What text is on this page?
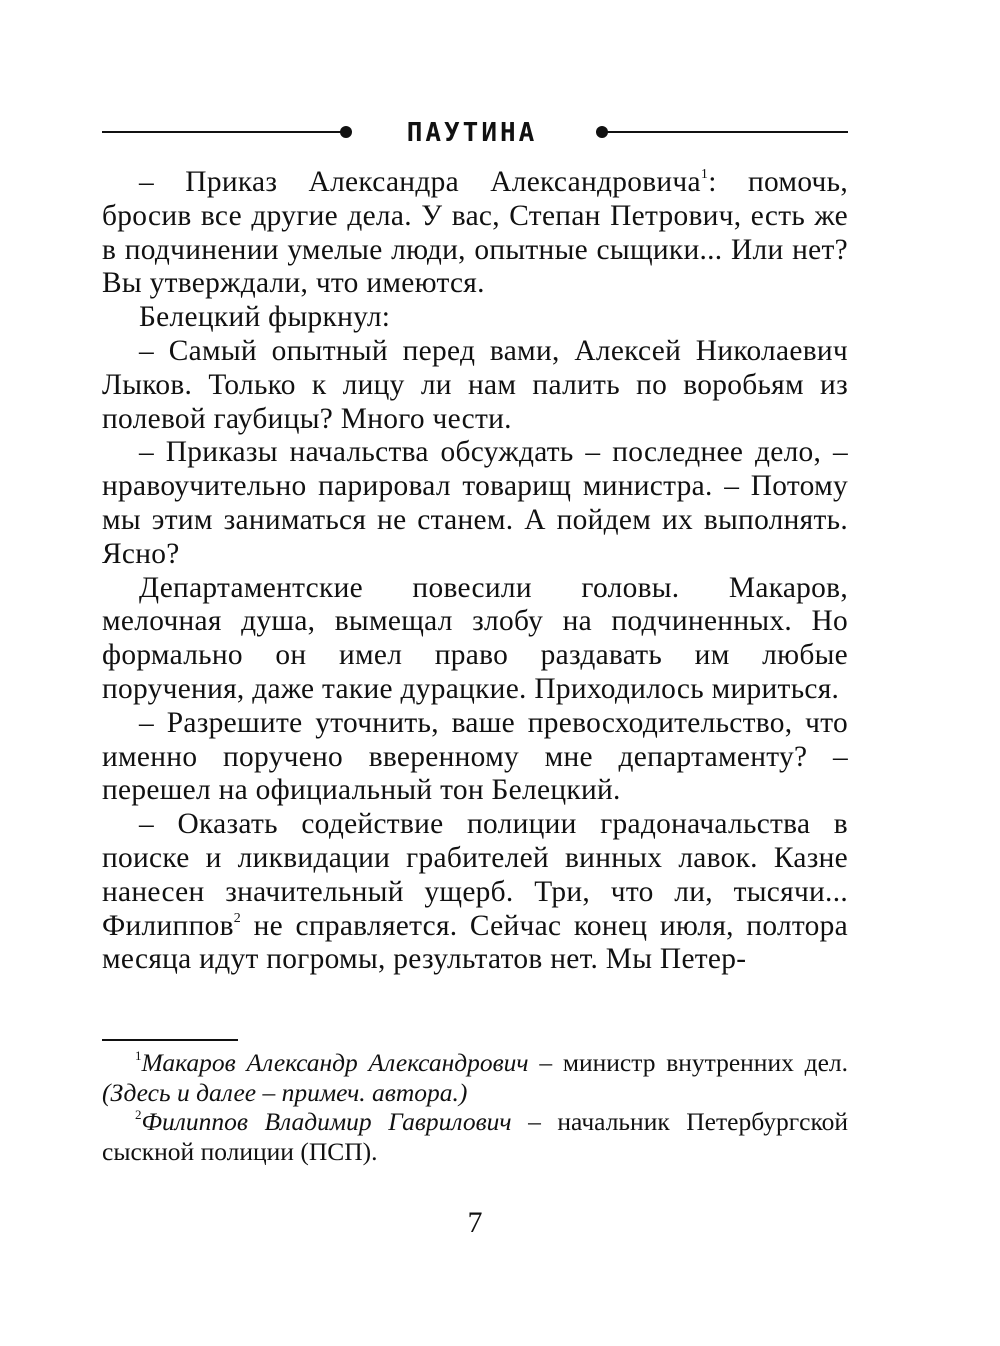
ПАУТИНА

– Приказ Александра Александровича$^1$: помочь, бросив все другие дела. У вас, Степан Петрович, есть же в подчинении умелые люди, опытные сыщики... Или нет? Вы утверждали, что имеются.

Белецкий фыркнул:

– Самый опытный перед вами, Алексей Николаевич Лыков. Только к лицу ли нам палить по воробьям из полевой гаубицы? Много чести.

– Приказы начальства обсуждать – последнее дело, – нравоучительно парировал товарищ министра. – Потому мы этим заниматься не станем. А пойдем их выполнять. Ясно?

Департаментские повесили головы. Макаров, мелочная душа, вымещал злобу на подчиненных. Но формально он имел право раздавать им любые поручения, даже такие дурацкие. Приходилось мириться.

– Разрешите уточнить, ваше превосходительство, что именно поручено вверенному мне департаменту? – перешел на официальный тон Белецкий.

– Оказать содействие полиции градоначальства в поиске и ликвидации грабителей винных лавок. Казне нанесен значительный ущерб. Три, что ли, тысячи... Филиппов$^2$ не справляется. Сейчас конец июля, полтора месяца идут погромы, результатов нет. Мы Петер-

$^1$Макаров Александр Александрович – министр внутренних дел. (Здесь и далее – примеч. автора.)

$^2$Филиппов Владимир Гаврилович – начальник Петербургской сыскной полиции (ПСП).

7
